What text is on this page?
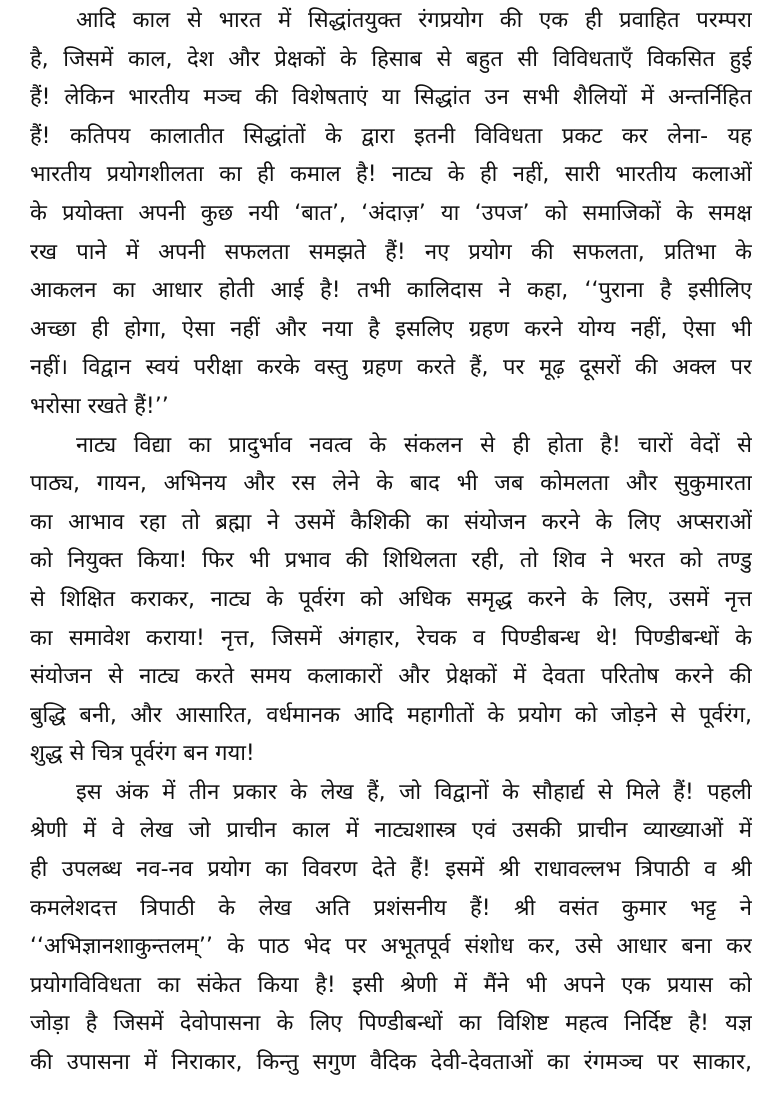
आदि काल से भारत में सिद्धांतयुक्त रंगप्रयोग की एक ही प्रवाहित परम्परा
है, जिसमें काल, देश और प्रेक्षकों के हिसाब से बहुत सी विविधताएँ विकसित हुई
हैं! लेकिन भारतीय मञ्च की विशेषताएं या सिद्धांत उन सभी शैलियों में अन्तर्निहित
हैं! कतिपय कालातीत सिद्धांतों के द्वारा इतनी विविधता प्रकट कर लेना- यह
भारतीय प्रयोगशीलता का ही कमाल है! नाट्य के ही नहीं, सारी भारतीय कलाओं
के प्रयोक्ता अपनी कुछ नयी ‘बात’, ‘अंदाज़’ या ‘उपज’ को समाजिकों के समक्ष
रख पाने में अपनी सफलता समझते हैं! नए प्रयोग की सफलता, प्रतिभा के
आकलन का आधार होती आई है! तभी कालिदास ने कहा, ‘‘पुराना है इसीलिए
अच्छा ही होगा, ऐसा नहीं और नया है इसलिए ग्रहण करने योग्य नहीं, ऐसा भी
नहीं। विद्वान स्वयं परीक्षा करके वस्तु ग्रहण करते हैं, पर मूढ़ दूसरों की अक्ल पर
भरोसा रखते हैं!’’
नाट्य विद्या का प्रादुर्भाव नवत्व के संकलन से ही होता है! चारों वेदों से
पाठ्य, गायन, अभिनय और रस लेने के बाद भी जब कोमलता और सुकुमारता
का आभाव रहा तो ब्रह्मा ने उसमें कैशिकी का संयोजन करने के लिए अप्सराओं
को नियुक्त किया! फिर भी प्रभाव की शिथिलता रही, तो शिव ने भरत को तण्डु
से शिक्षित कराकर, नाट्य के पूर्वरंग को अधिक समृद्ध करने के लिए, उसमें नृत्त
का समावेश कराया! नृत्त, जिसमें अंगहार, रेचक व पिण्डीबन्ध थे! पिण्डीबन्धों के
संयोजन से नाट्य करते समय कलाकारों और प्रेक्षकों में देवता परितोष करने की
बुद्धि बनी, और आसारित, वर्धमानक आदि महागीतों के प्रयोग को जोड़ने से पूर्वरंग,
शुद्ध से चित्र पूर्वरंग बन गया!
इस अंक में तीन प्रकार के लेख हैं, जो विद्वानों के सौहार्द्य से मिले हैं! पहली
श्रेणी में वे लेख जो प्राचीन काल में नाट्यशास्त्र एवं उसकी प्राचीन व्याख्याओं में
ही उपलब्ध नव-नव प्रयोग का विवरण देते हैं! इसमें श्री राधावल्लभ त्रिपाठी व श्री
कमलेशदत्त त्रिपाठी के लेख अति प्रशंसनीय हैं! श्री वसंत कुमार भट्ट ने
‘‘अभिज्ञानशाकुन्तलम्’’ के पाठ भेद पर अभूतपूर्व संशोध कर, उसे आधार बना कर
प्रयोगविविधता का संकेत किया है! इसी श्रेणी में मैंने भी अपने एक प्रयास को
जोड़ा है जिसमें देवोपासना के लिए पिण्डीबन्धों का विशिष्ट महत्व निर्दिष्ट है! यज्ञ
की उपासना में निराकार, किन्तु सगुण वैदिक देवी-देवताओं का रंगमञ्च पर साकार,
